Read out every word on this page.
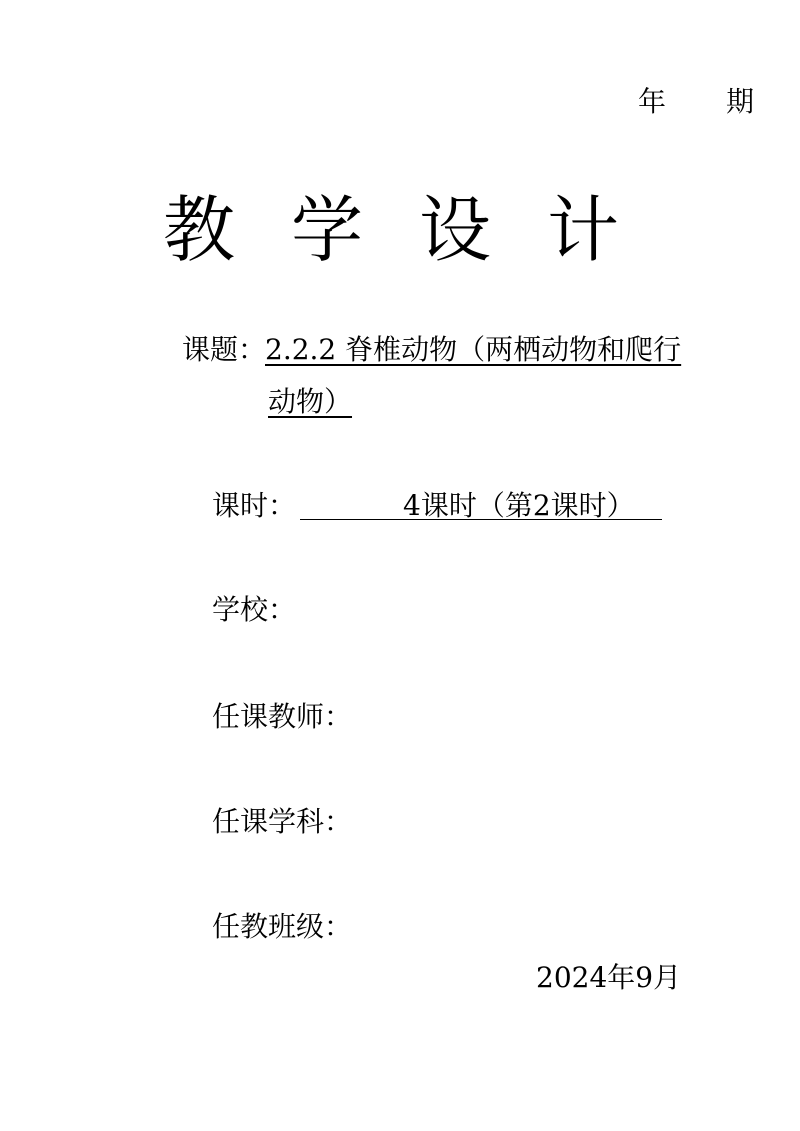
年 期
教 学 设 计
课题：
2.2.2 脊椎动物（两栖动物和爬行
动物）
课时：	4课时（第2课时）
学校：
任课教师：
任课学科：
任教班级：
2024年9月
